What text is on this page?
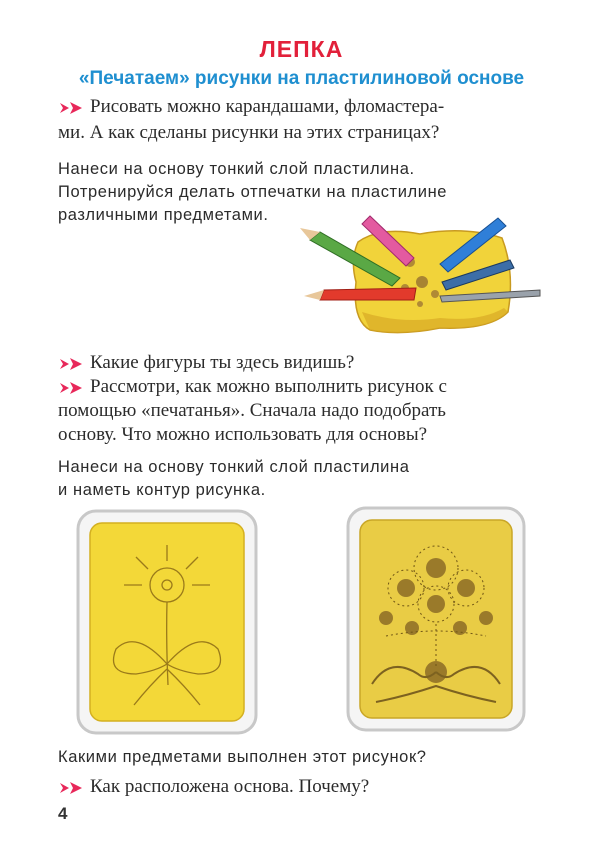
ЛЕПКА
«Печатаем» рисунки на пластилиновой основе
Рисовать можно карандашами, фломастера-
ми. А как сделаны рисунки на этих страницах?
Нанеси на основу тонкий слой пластилина.
Потренируйся делать отпечатки на пластилине
различными предметами.
Какие фигуры ты здесь видишь?
Рассмотри, как можно выполнить рисунок с
помощью «печатанья». Сначала надо подобрать
основу. Что можно использовать для основы?
Нанеси на основу тонкий слой пластилина
и наметь контур рисунка.
Какими предметами выполнен этот рисунок?
Как расположена основа. Почему?
4
